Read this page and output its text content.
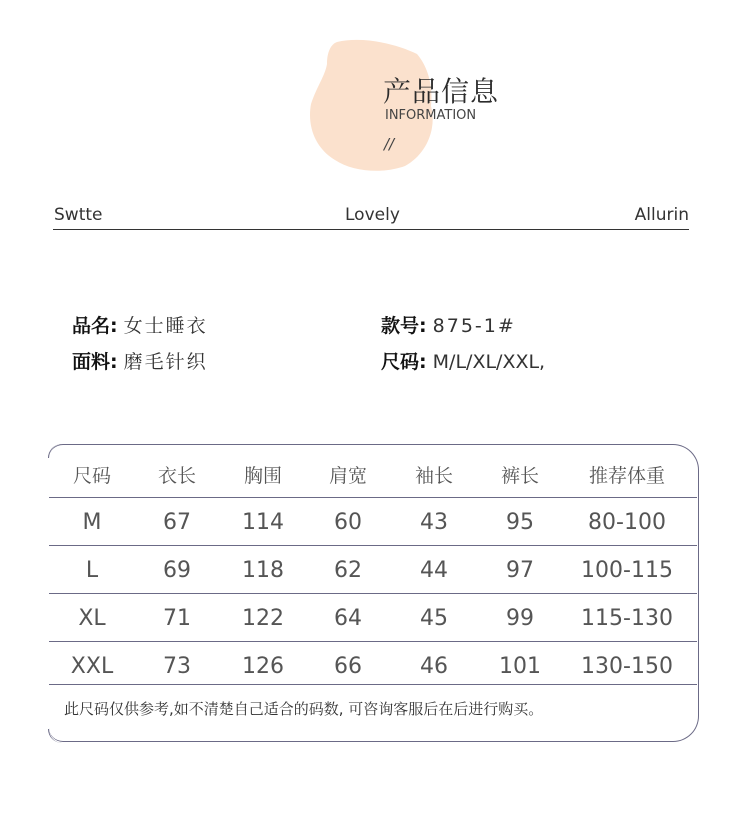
产品信息
INFORMATION
//
Swtte	Lovely	Allurin
品名: 女士睡衣
面料: 磨毛针织
款号: 875-1#
尺码: M/L/XL/XXL,
尺码 衣长	胸围 肩宽	袖长	裤长	推荐体重
M	67 114 60	43	95 80-100
L	69 118 62	44	97 100-115
XL	71 122 64	45	99 115-130
XXL 73 126 66	46 101 130-150
此尺码仅供参考,如不清楚自己适合的码数, 可咨询客服后在后进行购买。
